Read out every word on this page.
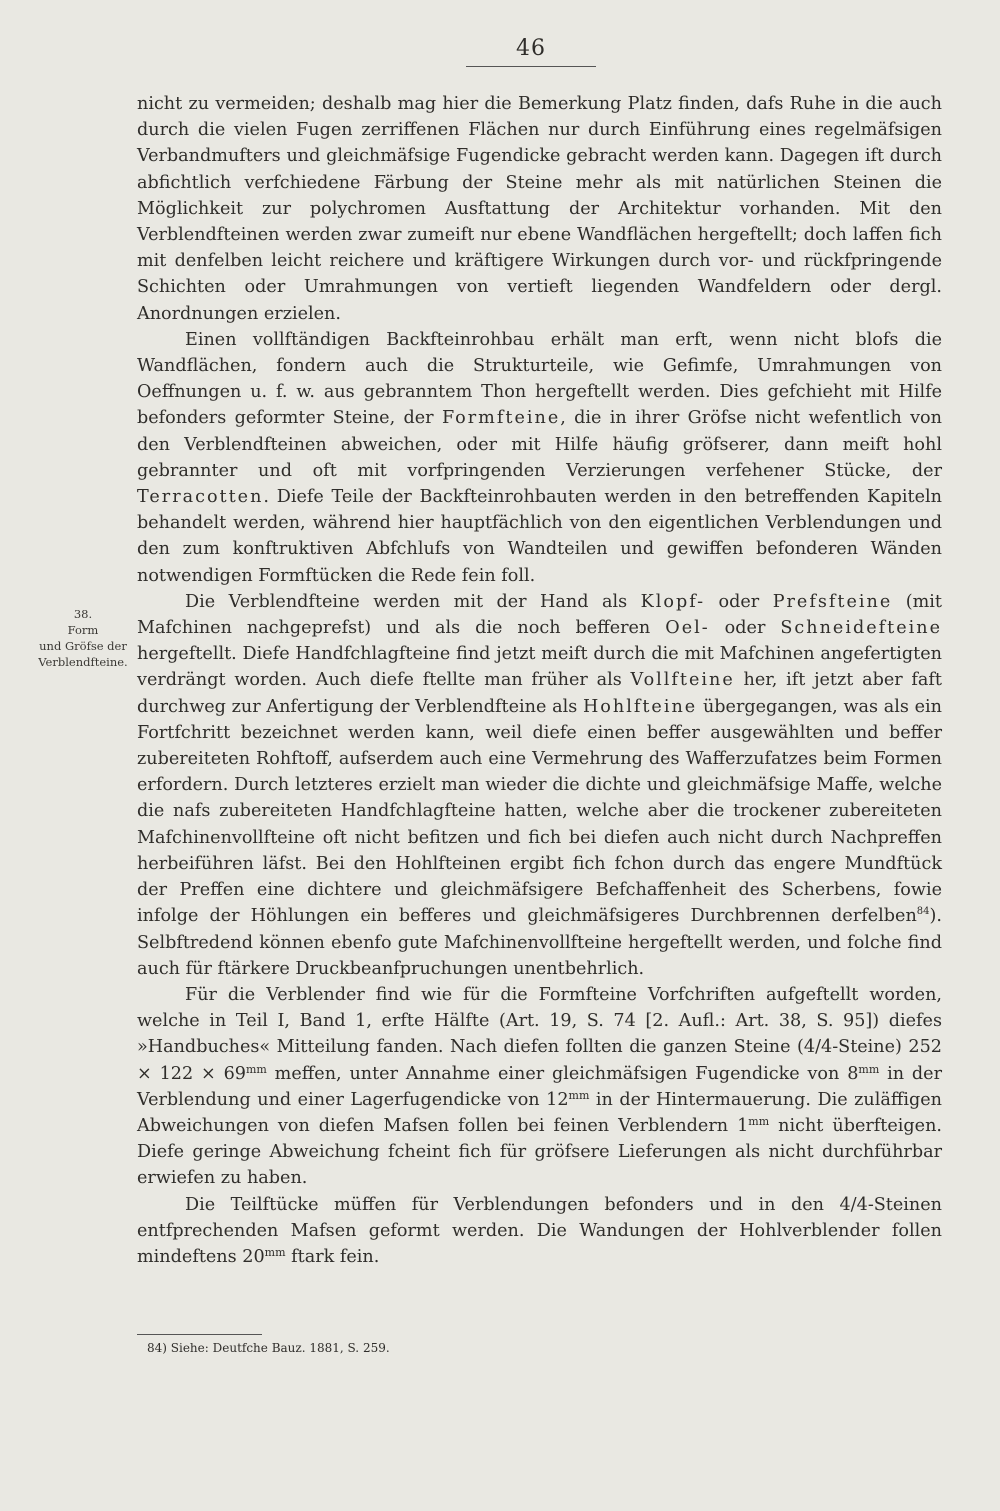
46
38.
Form
und Gröfse der
Verblendfteine.

nicht zu vermeiden; deshalb mag hier die Bemerkung Platz finden, dafs Ruhe in die auch durch die vielen Fugen zerriffenen Flächen nur durch Einführung eines regelmäfsigen Verbandmufters und gleichmäfsige Fugendicke gebracht werden kann. Dagegen ift durch abfichtlich verfchiedene Färbung der Steine mehr als mit natürlichen Steinen die Möglichkeit zur polychromen Ausftattung der Architektur vorhanden. Mit den Verblendfteinen werden zwar zumeift nur ebene Wandflächen hergeftellt; doch laffen fich mit denfelben leicht reichere und kräftigere Wirkungen durch vor- und rückfpringende Schichten oder Umrahmungen von vertieft liegenden Wandfeldern oder dergl. Anordnungen erzielen.

Einen vollftändigen Backfteinrohbau erhält man erft, wenn nicht blofs die Wandflächen, fondern auch die Strukturteile, wie Gefimfe, Umrahmungen von Oeffnungen u. f. w. aus gebranntem Thon hergeftellt werden. Dies gefchieht mit Hilfe befonders geformter Steine, der Formfteine, die in ihrer Gröfse nicht wefentlich von den Verblendfteinen abweichen, oder mit Hilfe häufig gröfserer, dann meift hohl gebrannter und oft mit vorfpringenden Verzierungen verfehener Stücke, der Terracotten. Diefe Teile der Backfteinrohbauten werden in den betreffenden Kapiteln behandelt werden, während hier hauptfächlich von den eigentlichen Verblendungen und den zum konftruktiven Abfchlufs von Wandteilen und gewiffen befonderen Wänden notwendigen Formftücken die Rede fein foll.

Die Verblendfteine werden mit der Hand als Klopf- oder Prefsfteine (mit Mafchinen nachgeprefst) und als die noch befferen Oel- oder Schneidefteine hergeftellt. Diefe Handfchlagfteine find jetzt meift durch die mit Mafchinen angefertigten verdrängt worden. Auch diefe ftellte man früher als Vollfteine her, ift jetzt aber faft durchweg zur Anfertigung der Verblendfteine als Hohlfteine übergegangen, was als ein Fortfchritt bezeichnet werden kann, weil diefe einen beffer ausgewählten und beffer zubereiteten Rohftoff, aufserdem auch eine Vermehrung des Wafferzufatzes beim Formen erfordern. Durch letzteres erzielt man wieder die dichte und gleichmäfsige Maffe, welche die nafs zubereiteten Handfchlagfteine hatten, welche aber die trockener zubereiteten Mafchinenvollfteine oft nicht befitzen und fich bei diefen auch nicht durch Nachpreffen herbeiführen läfst. Bei den Hohlfteinen ergibt fich fchon durch das engere Mundftück der Preffen eine dichtere und gleichmäfsigere Befchaffenheit des Scherbens, fowie infolge der Höhlungen ein befferes und gleichmäfsigeres Durchbrennen derfelben$^{84}$). Selbftredend können ebenfo gute Mafchinenvollfteine hergeftellt werden, und folche find auch für ftärkere Druckbeanfpruchungen unentbehrlich.

Für die Verblender find wie für die Formfteine Vorfchriften aufgeftellt worden, welche in Teil I, Band 1, erfte Hälfte (Art. 19, S. 74 [2. Aufl.: Art. 38, S. 95]) diefes »Handbuches« Mitteilung fanden. Nach diefen follten die ganzen Steine (4/4-Steine) $252 \times 122 \times 69^{mm}$ meffen, unter Annahme einer gleichmäfsigen Fugendicke von $8^{mm}$ in der Verblendung und einer Lagerfugendicke von $12^{mm}$ in der Hintermauerung. Die zuläffigen Abweichungen von diefen Mafsen follen bei feinen Verblendern $1^{mm}$ nicht überfteigen. Diefe geringe Abweichung fcheint fich für gröfsere Lieferungen als nicht durchführbar erwiefen zu haben.

Die Teilftücke müffen für Verblendungen befonders und in den 4/4-Steinen entfprechenden Mafsen geformt werden. Die Wandungen der Hohlverblender follen mindeftens $20^{mm}$ ftark fein.

84) Siehe: Deutfche Bauz. 1881, S. 259.
